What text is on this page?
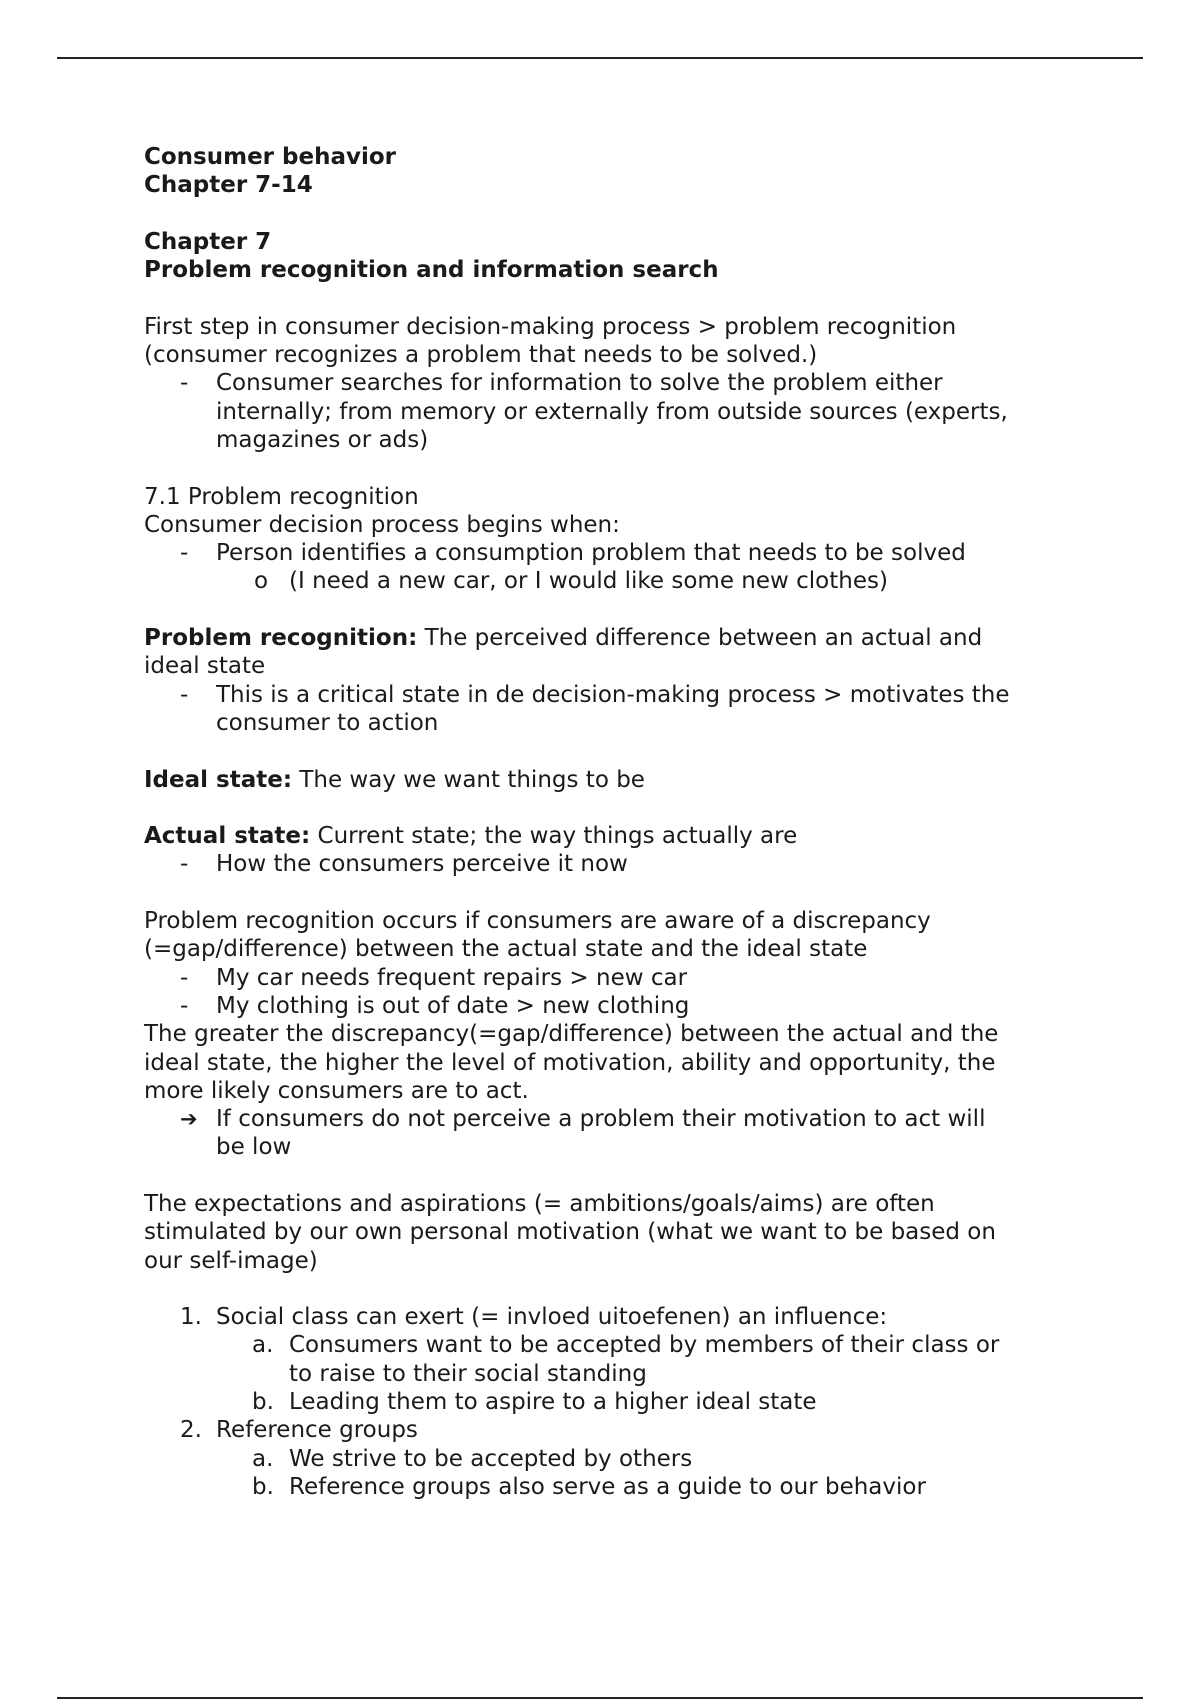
Consumer behavior
Chapter 7-14
Chapter 7
Problem recognition and information search
First step in consumer decision-making process > problem recognition
(consumer recognizes a problem that needs to be solved.)
- Consumer searches for information to solve the problem either
internally; from memory or externally from outside sources (experts,
magazines or ads)
7.1 Problem recognition
Consumer decision process begins when:
- Person identifies a consumption problem that needs to be solved
o (I need a new car, or I would like some new clothes)
Problem recognition: The perceived difference between an actual and
ideal state
- This is a critical state in de decision-making process > motivates the
consumer to action
Ideal state: The way we want things to be
Actual state: Current state; the way things actually are
- How the consumers perceive it now
Problem recognition occurs if consumers are aware of a discrepancy
(=gap/difference) between the actual state and the ideal state
- My car needs frequent repairs > new car
- My clothing is out of date > new clothing
The greater the discrepancy(=gap/difference) between the actual and the
ideal state, the higher the level of motivation, ability and opportunity, the
more likely consumers are to act.
➔ If consumers do not perceive a problem their motivation to act will
be low
The expectations and aspirations (= ambitions/goals/aims) are often
stimulated by our own personal motivation (what we want to be based on
our self-image)
1. Social class can exert (= invloed uitoefenen) an influence:
a. Consumers want to be accepted by members of their class or
to raise to their social standing
b. Leading them to aspire to a higher ideal state
2. Reference groups
a. We strive to be accepted by others
b. Reference groups also serve as a guide to our behavior
